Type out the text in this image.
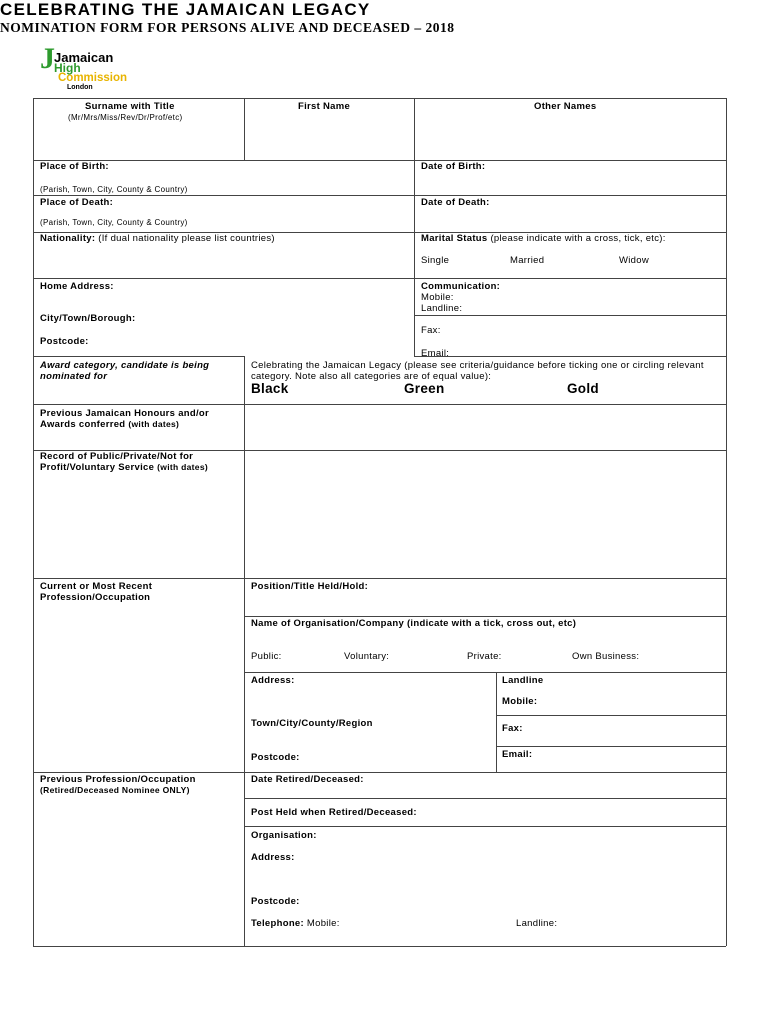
J Jamaican
High
Commission
London
CELEBRATING THE JAMAICAN LEGACY
NOMINATION FORM FOR PERSONS ALIVE AND DECEASED – 2018
Surname with Title
(Mr/Mrs/Miss/Rev/Dr/Prof/etc)
First Name	Other Names
Place of Birth:
(Parish, Town, City, County & Country)
Date of Birth:
Place of Death:
(Parish, Town, City, County & Country)
Date of Death:
Nationality: (If dual nationality please list countries)	Marital Status (please indicate with a cross, tick, etc):
Single	Married	Widow
Home Address:
City/Town/Borough:
Postcode:
Communication:
Mobile:
Landline:
Fax:
Email:
Award category, candidate is being nominated for
Celebrating the Jamaican Legacy (please see criteria/guidance before ticking one or circling relevant category. Note also all categories are of equal value):
Black	Green	Gold
Previous Jamaican Honours and/or Awards conferred (with dates)
Record of Public/Private/Not for Profit/Voluntary Service (with dates)
Current or Most Recent Profession/Occupation
Position/Title Held/Hold:
Name of Organisation/Company (indicate with a tick, cross out, etc)
Public:	Voluntary:	Private:	Own Business:
Address:	Landline
Mobile:
Town/City/County/Region	Fax:
Email:
Postcode:
Previous Profession/Occupation
(Retired/Deceased Nominee ONLY)
Date Retired/Deceased:
Post Held when Retired/Deceased:
Organisation:
Address:
Postcode:
Telephone: Mobile:	Landline:
